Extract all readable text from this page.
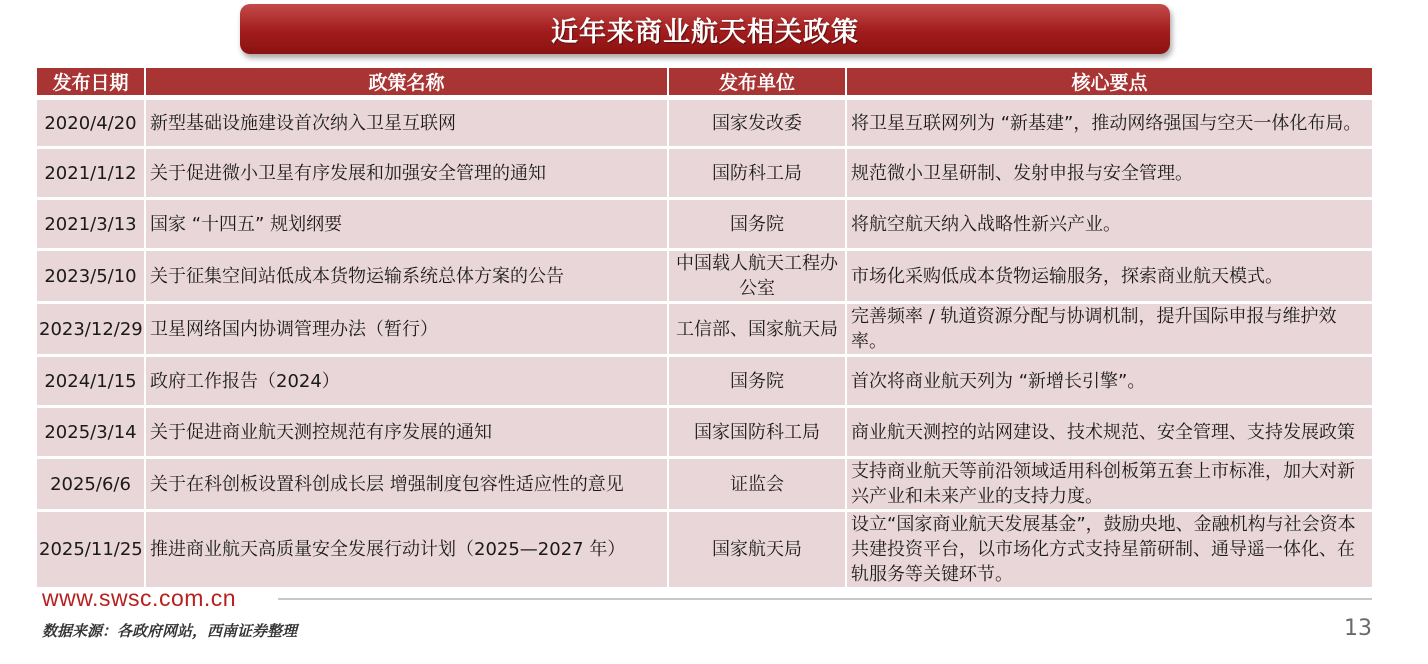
近年来商业航天相关政策
发布日期	政策名称	发布单位	核心要点
2020/4/20	新型基础设施建设首次纳入卫星互联网	国家发改委	将卫星互联网列为 “新基建”，推动网络强国与空天一体化布局。
2021/1/12	关于促进微小卫星有序发展和加强安全管理的通知	国防科工局	规范微小卫星研制、发射申报与安全管理。
2021/3/13	国家 “十四五” 规划纲要	国务院	将航空航天纳入战略性新兴产业。
2023/5/10	关于征集空间站低成本货物运输系统总体方案的公告	中国载人航天工程办公室	市场化采购低成本货物运输服务，探索商业航天模式。
2023/12/29	卫星网络国内协调管理办法（暂行）	工信部、国家航天局	完善频率 / 轨道资源分配与协调机制，提升国际申报与维护效率。
2024/1/15	政府工作报告（2024）	国务院	首次将商业航天列为 “新增长引擎”。
2025/3/14	关于促进商业航天测控规范有序发展的通知	国家国防科工局	商业航天测控的站网建设、技术规范、安全管理、支持发展政策
2025/6/6	关于在科创板设置科创成长层 增强制度包容性适应性的意见	证监会	支持商业航天等前沿领域适用科创板第五套上市标准，加大对新兴产业和未来产业的支持力度。
2025/11/25	推进商业航天高质量安全发展行动计划（2025—2027 年）	国家航天局	设立“国家商业航天发展基金”，鼓励央地、金融机构与社会资本共建投资平台，以市场化方式支持星箭研制、通导遥一体化、在轨服务等关键环节。
www.swsc.com.cn
数据来源：各政府网站，西南证券整理	13
